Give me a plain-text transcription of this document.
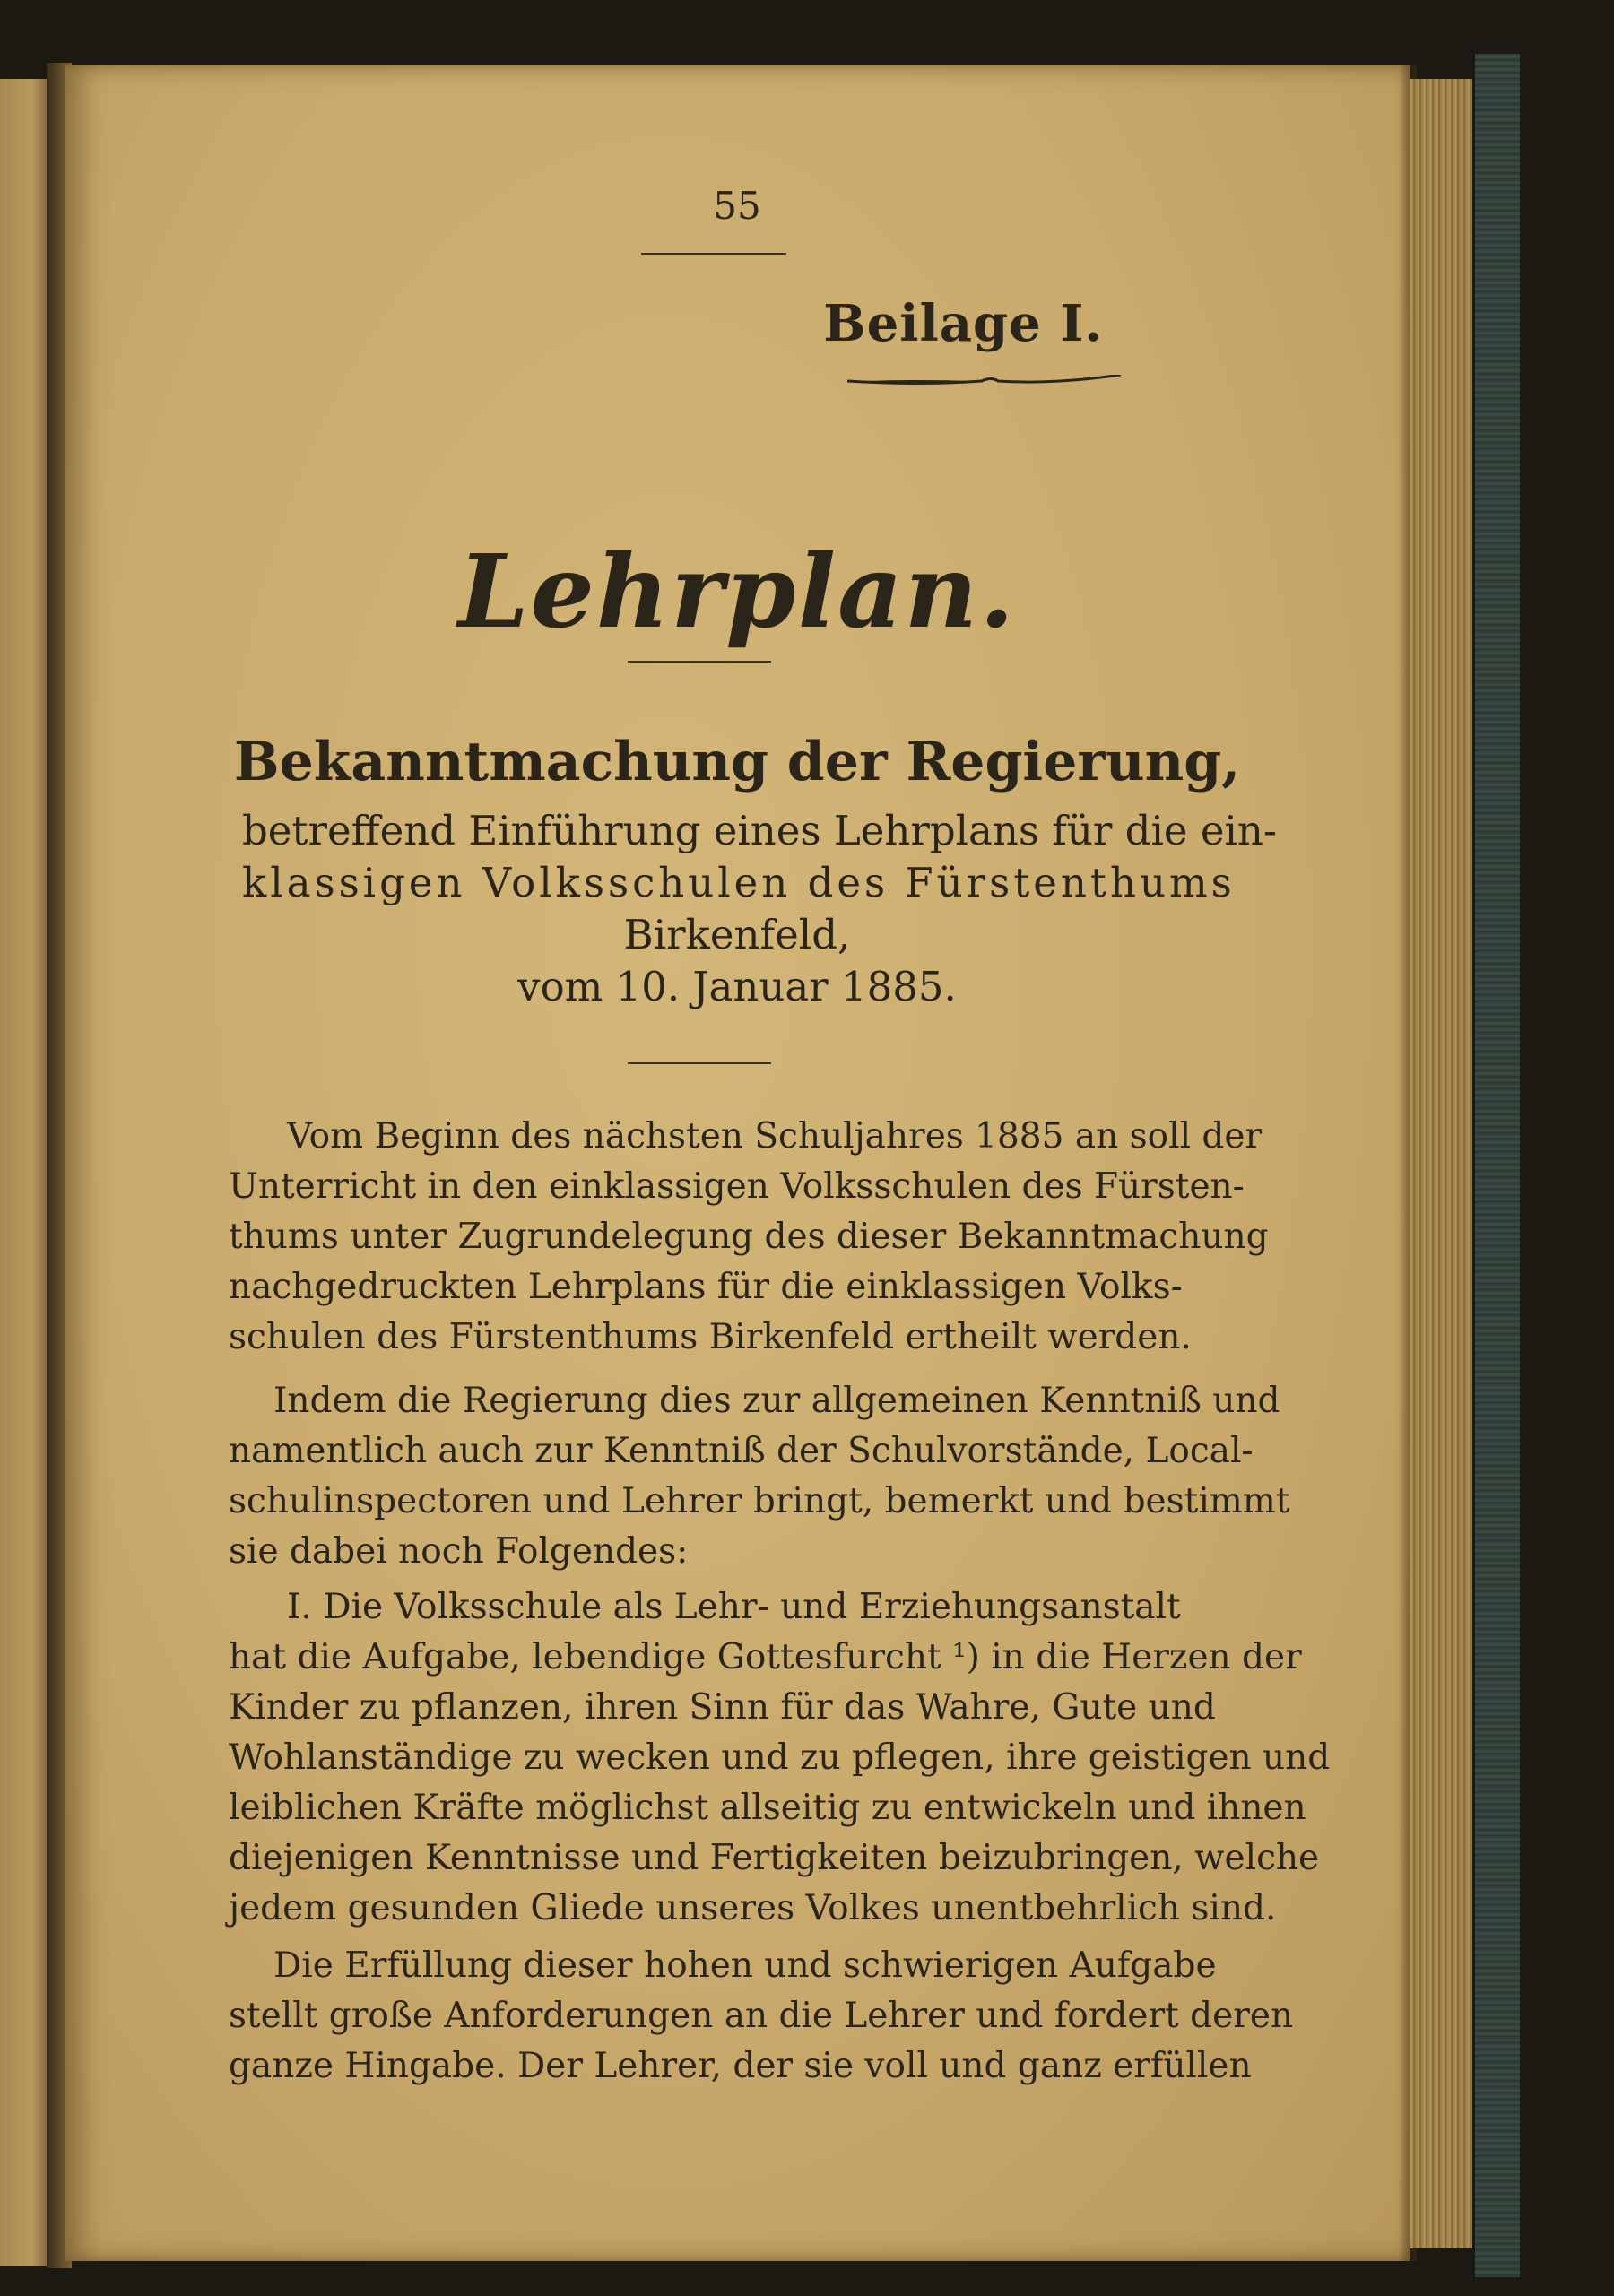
55
Beilage I.
Lehrplan.
Bekanntmachung der Regierung,
betreffend Einführung eines Lehrplans für die ein-
klassigen Volksschulen des Fürstenthums
Birkenfeld,
vom 10. Januar 1885.
Vom Beginn des nächsten Schuljahres 1885 an soll der
Unterricht in den einklassigen Volksschulen des Fürsten-
thums unter Zugrundelegung des dieser Bekanntmachung
nachgedruckten Lehrplans für die einklassigen Volks-
schulen des Fürstenthums Birkenfeld ertheilt werden.
Indem die Regierung dies zur allgemeinen Kenntniß und
namentlich auch zur Kenntniß der Schulvorstände, Local-
schulinspectoren und Lehrer bringt, bemerkt und bestimmt
sie dabei noch Folgendes:
I. Die Volksschule als Lehr- und Erziehungsanstalt
hat die Aufgabe, lebendige Gottesfurcht ¹) in die Herzen der
Kinder zu pflanzen, ihren Sinn für das Wahre, Gute und
Wohlanständige zu wecken und zu pflegen, ihre geistigen und
leiblichen Kräfte möglichst allseitig zu entwickeln und ihnen
diejenigen Kenntnisse und Fertigkeiten beizubringen, welche
jedem gesunden Gliede unseres Volkes unentbehrlich sind.
Die Erfüllung dieser hohen und schwierigen Aufgabe
stellt große Anforderungen an die Lehrer und fordert deren
ganze Hingabe. Der Lehrer, der sie voll und ganz erfüllen
